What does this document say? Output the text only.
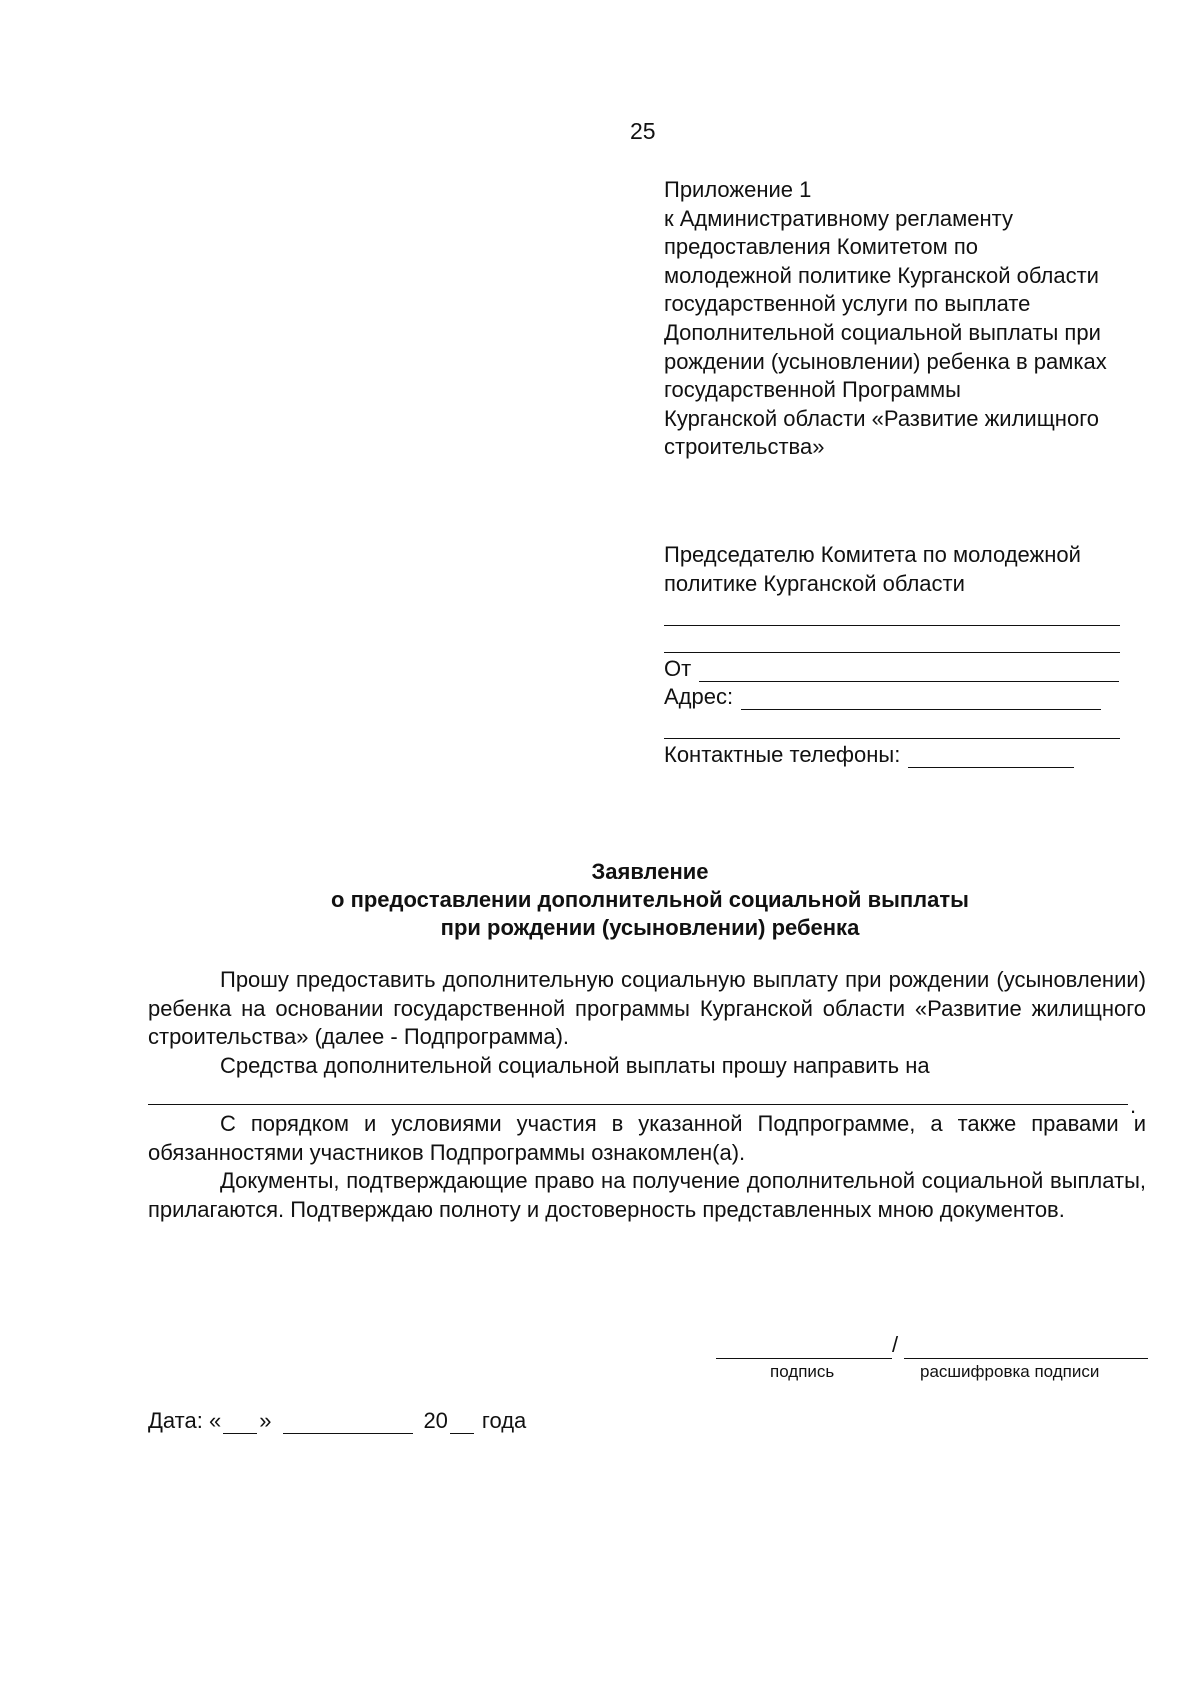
25
Приложение 1
к Административному регламенту
предоставления Комитетом по
молодежной политике Курганской области
государственной услуги по выплате
Дополнительной социальной выплаты при
рождении (усыновлении) ребенка в рамках
государственной Программы
Курганской области «Развитие жилищного
строительства»
Председателю Комитета по молодежной
политике Курганской области
От
Адрес:
Контактные телефоны:
Заявление
о предоставлении дополнительной социальной выплаты
при рождении (усыновлении) ребенка

Прошу предоставить дополнительную социальную выплату при рождении (усыновлении) ребенка на основании государственной программы Курганской области «Развитие жилищного строительства» (далее - Подпрограмма).

Средства дополнительной социальной выплаты прошу направить на

.

С порядком и условиями участия в указанной Подпрограмме, а также правами и обязанностями участников Подпрограммы ознакомлен(а).

Документы, подтверждающие право на получение дополнительной социальной выплаты, прилагаются. Подтверждаю полноту и достоверность представленных мною документов.

/
подпись	расшифровка подписи
Дата: « »	20 года
